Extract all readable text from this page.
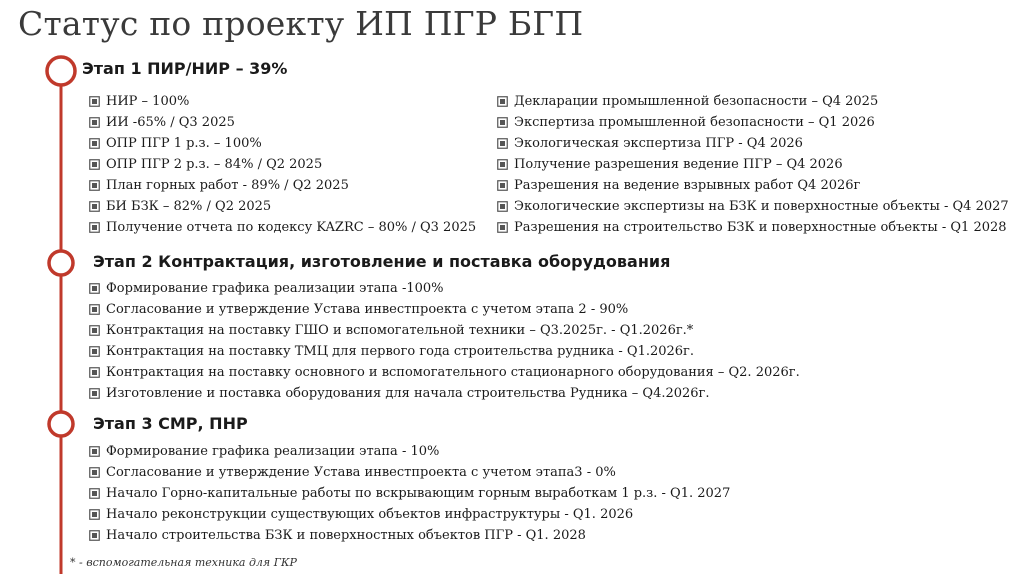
Статус по проекту ИП ПГР БГП
Этап 1 ПИР/НИР – 39%
НИР – 100%
ИИ -65% / Q3 2025
ОПР ПГР 1 р.з. – 100%
ОПР ПГР 2 р.з. – 84% / Q2 2025
План горных работ - 89% / Q2 2025
БИ БЗК – 82% / Q2 2025
Получение отчета по кодексу KAZRC – 80% / Q3 2025
Декларации промышленной безопасности – Q4 2025
Экспертиза промышленной безопасности – Q1 2026
Экологическая экспертиза ПГР - Q4 2026
Получение разрешения ведение ПГР – Q4 2026
Разрешения на ведение взрывных работ Q4 2026г
Экологические экспертизы на БЗК и поверхностные объекты - Q4 2027
Разрешения на строительство БЗК и поверхностные объекты - Q1 2028
Этап 2 Контрактация, изготовление и поставка оборудования
Формирование графика реализации этапа -100%
Согласование и утверждение Устава инвестпроекта с учетом этапа 2 - 90%
Контрактация на поставку ГШО и вспомогательной техники – Q3.2025г. - Q1.2026г.*
Контрактация на поставку ТМЦ для первого года строительства рудника - Q1.2026г.
Контрактация на поставку основного и вспомогательного стационарного оборудования – Q2. 2026г.
Изготовление и поставка оборудования для начала строительства Рудника – Q4.2026г.
Этап 3 СМР, ПНР
Формирование графика реализации этапа - 10%
Согласование и утверждение Устава инвестпроекта с учетом этапа3 - 0%
Начало Горно-капитальные работы по вскрывающим горным выработкам 1 р.з. - Q1. 2027
Начало реконструкции существующих объектов инфраструктуры - Q1. 2026
Начало строительства БЗК и поверхностных объектов ПГР - Q1. 2028
* - вспомогательная техника для ГКР
